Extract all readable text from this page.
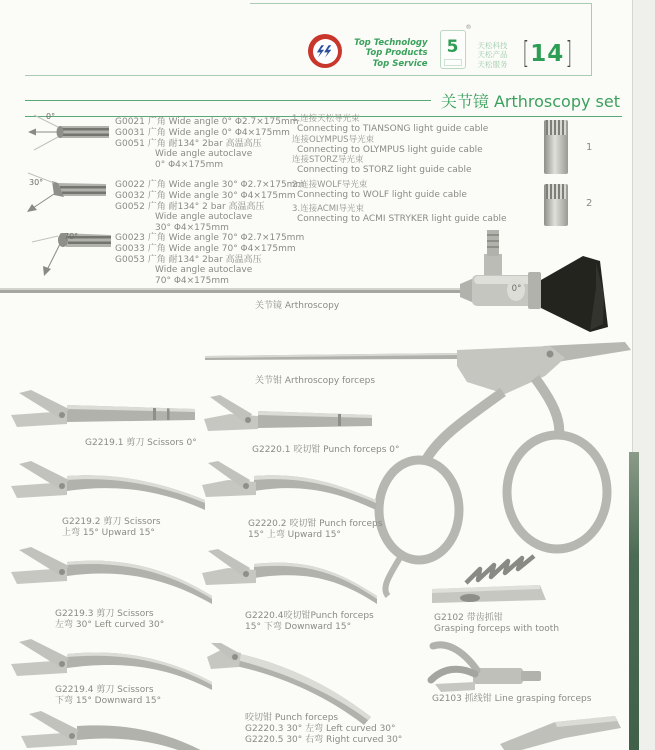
Top Technology
Top Products
Top Service
5
®
天松科技
天松产品
天松服务 [ 14 ]
关节镜 Arthroscopy set
0°
30°
70°
G0021 广角 Wide angle 0° Φ2.7×175mm
G0031 广角 Wide angle 0° Φ4×175mm
G0051 广角 耐134° 2bar 高温高压
Wide angle autoclave
0° Φ4×175mm
G0022 广角 Wide angle 30° Φ2.7×175mm
G0032 广角 Wide angle 30° Φ4×175mm
G0052 广角 耐134° 2 bar 高温高压
Wide angle autoclave
30° Φ4×175mm
G0023 广角 Wide angle 70° Φ2.7×175mm
G0033 广角 Wide angle 70° Φ4×175mm
G0053 广角 耐134° 2bar 高温高压
Wide angle autoclave
70° Φ4×175mm
1.连接天松导光束
Connecting to TIANSONG light guide cable
连接OLYMPUS导光束
Connecting to OLYMPUS light guide cable
连接STORZ导光束
Connecting to STORZ light guide cable
2.连接WOLF导光束
Connecting to WOLF light guide cable
3.连接ACMI导光束
Connecting to ACMI STRYKER light guide cable
1
2
0°
关节镜 Arthroscopy
关节钳 Arthroscopy forceps
G2219.1 剪刀 Scissors 0°
G2219.2 剪刀 Scissors
上弯 15° Upward 15°
G2219.3 剪刀 Scissors
左弯 30° Left curved 30°
G2219.4 剪刀 Scissors
下弯 15° Downward 15°
G2220.1 咬切钳 Punch forceps 0°
G2220.2 咬切钳 Punch forceps
15° 上弯 Upward 15°
G2220.4咬切钳Punch forceps
15° 下弯 Downward 15°
咬切钳 Punch forceps
G2220.3 30° 左弯 Left curved 30°
G2220.5 30° 右弯 Right curved 30°
G2102 带齿抓钳
Grasping forceps with tooth
G2103 抓线钳 Line grasping forceps
